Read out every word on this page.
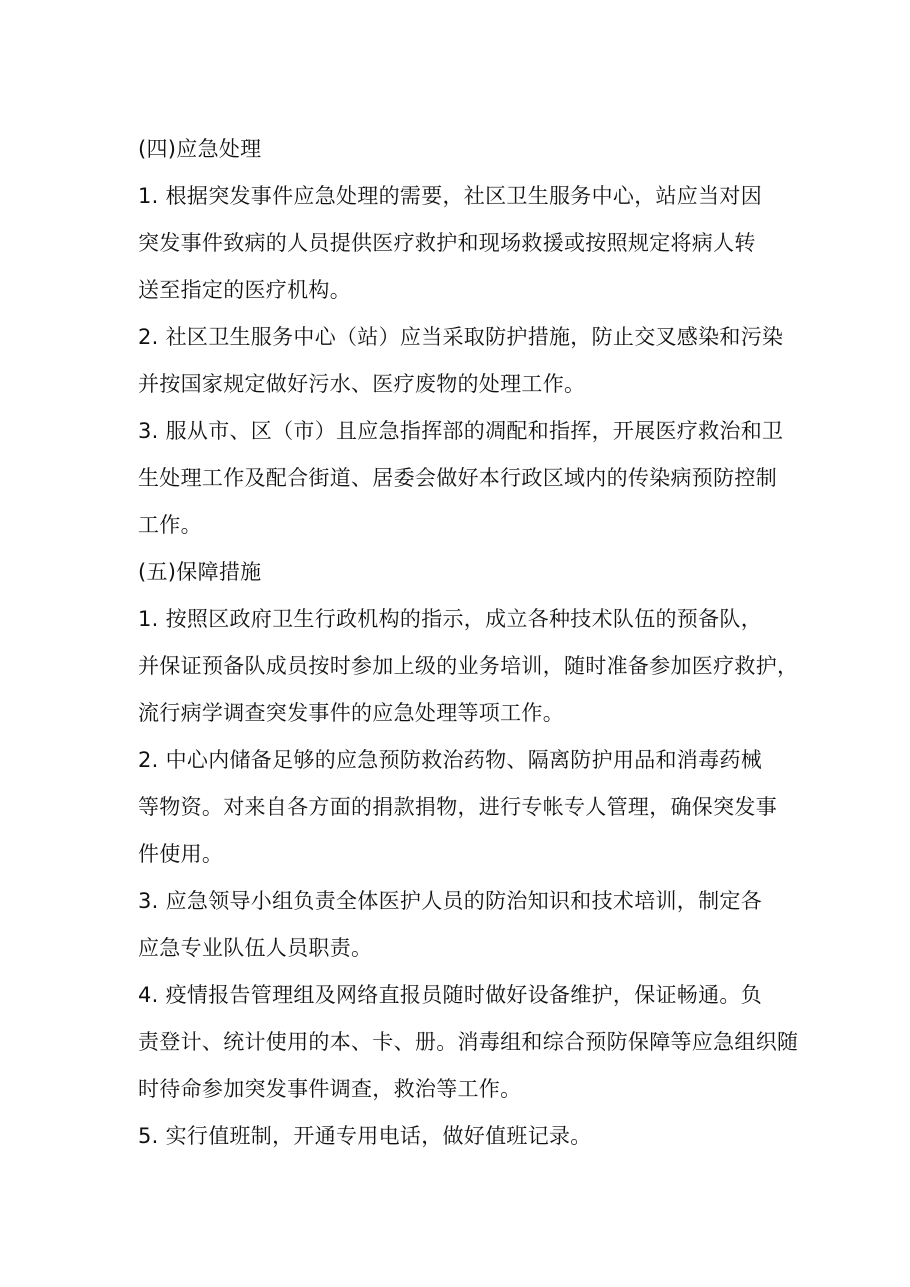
(四)应急处理

1. 根据突发事件应急处理的需要，社区卫生服务中心，站应当对因
突发事件致病的人员提供医疗救护和现场救援或按照规定将病人转
送至指定的医疗机构。

2. 社区卫生服务中心（站）应当采取防护措施，防止交叉感染和污染
并按国家规定做好污水、医疗废物的处理工作。

3. 服从市、区（市）且应急指挥部的凋配和指挥，开展医疗救治和卫
生处理工作及配合街道、居委会做好本行政区域内的传染病预防控制
工作。

(五)保障措施

1. 按照区政府卫生行政机构的指示，成立各种技术队伍的预备队，
并保证预备队成员按时参加上级的业务培训，随时准备参加医疗救护，
流行病学调查突发事件的应急处理等项工作。

2. 中心内储备足够的应急预防救治药物、隔离防护用品和消毒药械
等物资。对来自各方面的捐款捐物，进行专帐专人管理，确保突发事
件使用。

3. 应急领导小组负责全体医护人员的防治知识和技术培训，制定各
应急专业队伍人员职责。

4. 疫情报告管理组及网络直报员随时做好设备维护，保证畅通。负
责登计、统计使用的本、卡、册。消毒组和综合预防保障等应急组织随
时待命参加突发事件调查，救治等工作。

5. 实行值班制，开通专用电话，做好值班记录。
